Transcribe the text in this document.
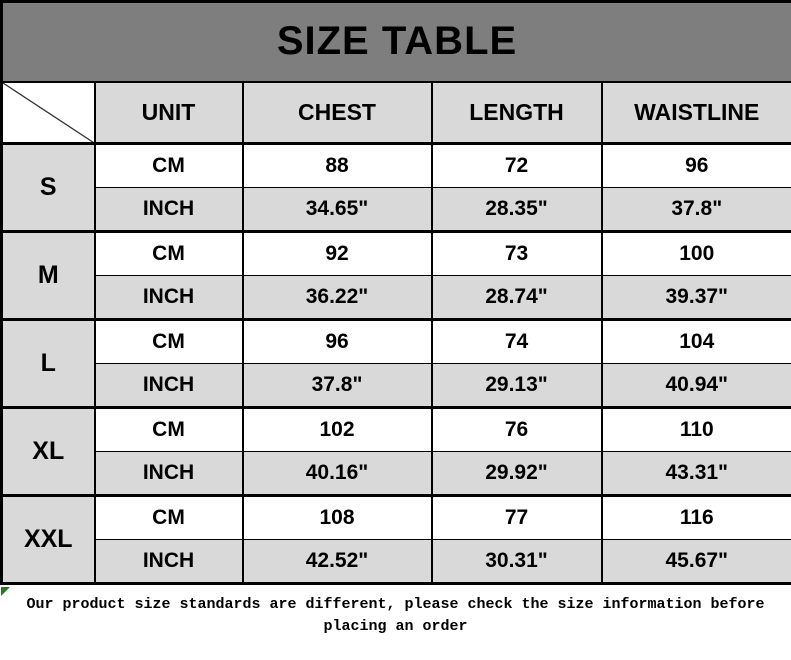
SIZE TABLE				

	UNIT	CHEST	LENGTH	WAISTLINE
S	CM	88	72	96
	INCH	34.65"	28.35"	37.8"
M	CM	92	73	100
	INCH	36.22"	28.74"	39.37"
L	CM	96	74	104
	INCH	37.8"	29.13"	40.94"
XL	CM	102	76	110
	INCH	40.16"	29.92"	43.31"
XXL	CM	108	77	116
	INCH	42.52"	30.31"	45.67"
Our product size standards are different, please check the size information before
placing an order
